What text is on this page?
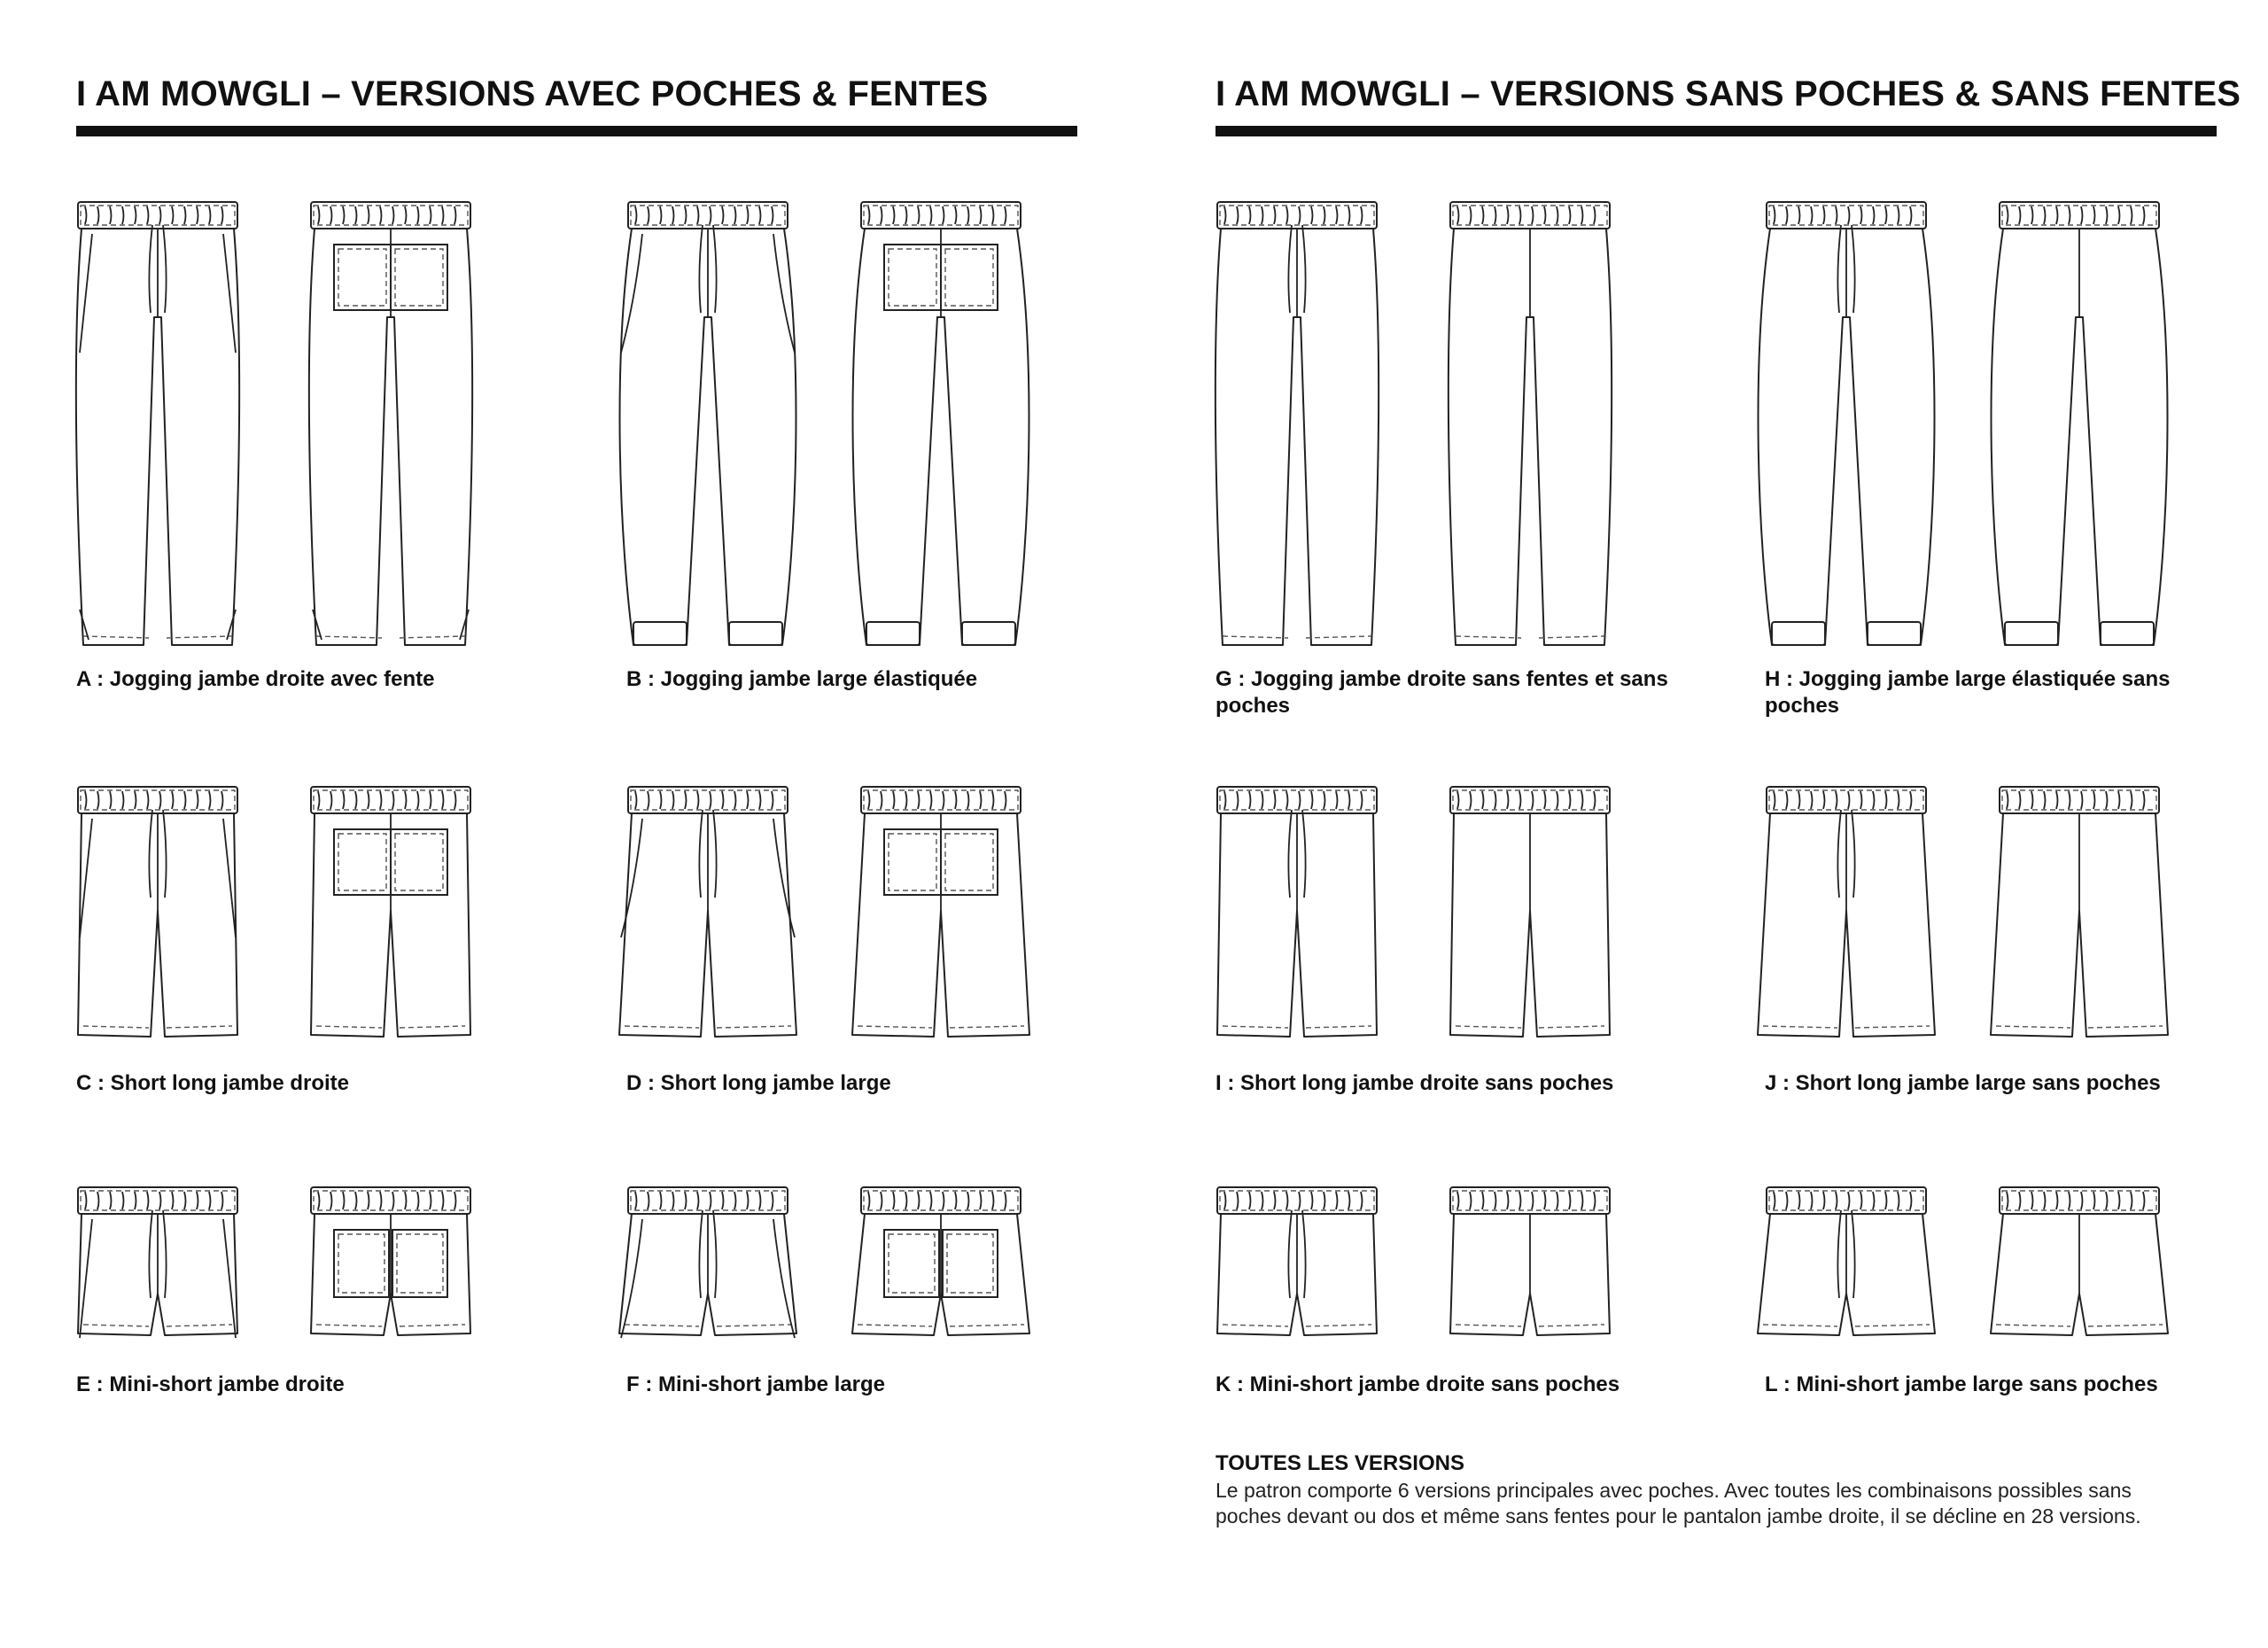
I AM MOWGLI – VERSIONS AVEC POCHES & FENTES	I AM MOWGLI – VERSIONS SANS POCHES & SANS FENTES
A : Jogging jambe droite avec fente	B : Jogging jambe large élastiquée
C : Short long jambe droite	D : Short long jambe large
E : Mini-short jambe droite	F : Mini-short jambe large
G : Jogging jambe droite sans fentes et sans poches
H : Jogging jambe large élastiquée sans poches
I : Short long jambe droite sans poches	J : Short long jambe large sans poches
K : Mini-short jambe droite sans poches	L : Mini-short jambe large sans poches
TOUTES LES VERSIONS
Le patron comporte 6 versions principales avec poches. Avec toutes les combinaisons possibles sans poches devant ou dos et même sans fentes pour le pantalon jambe droite, il se décline en 28 versions.
